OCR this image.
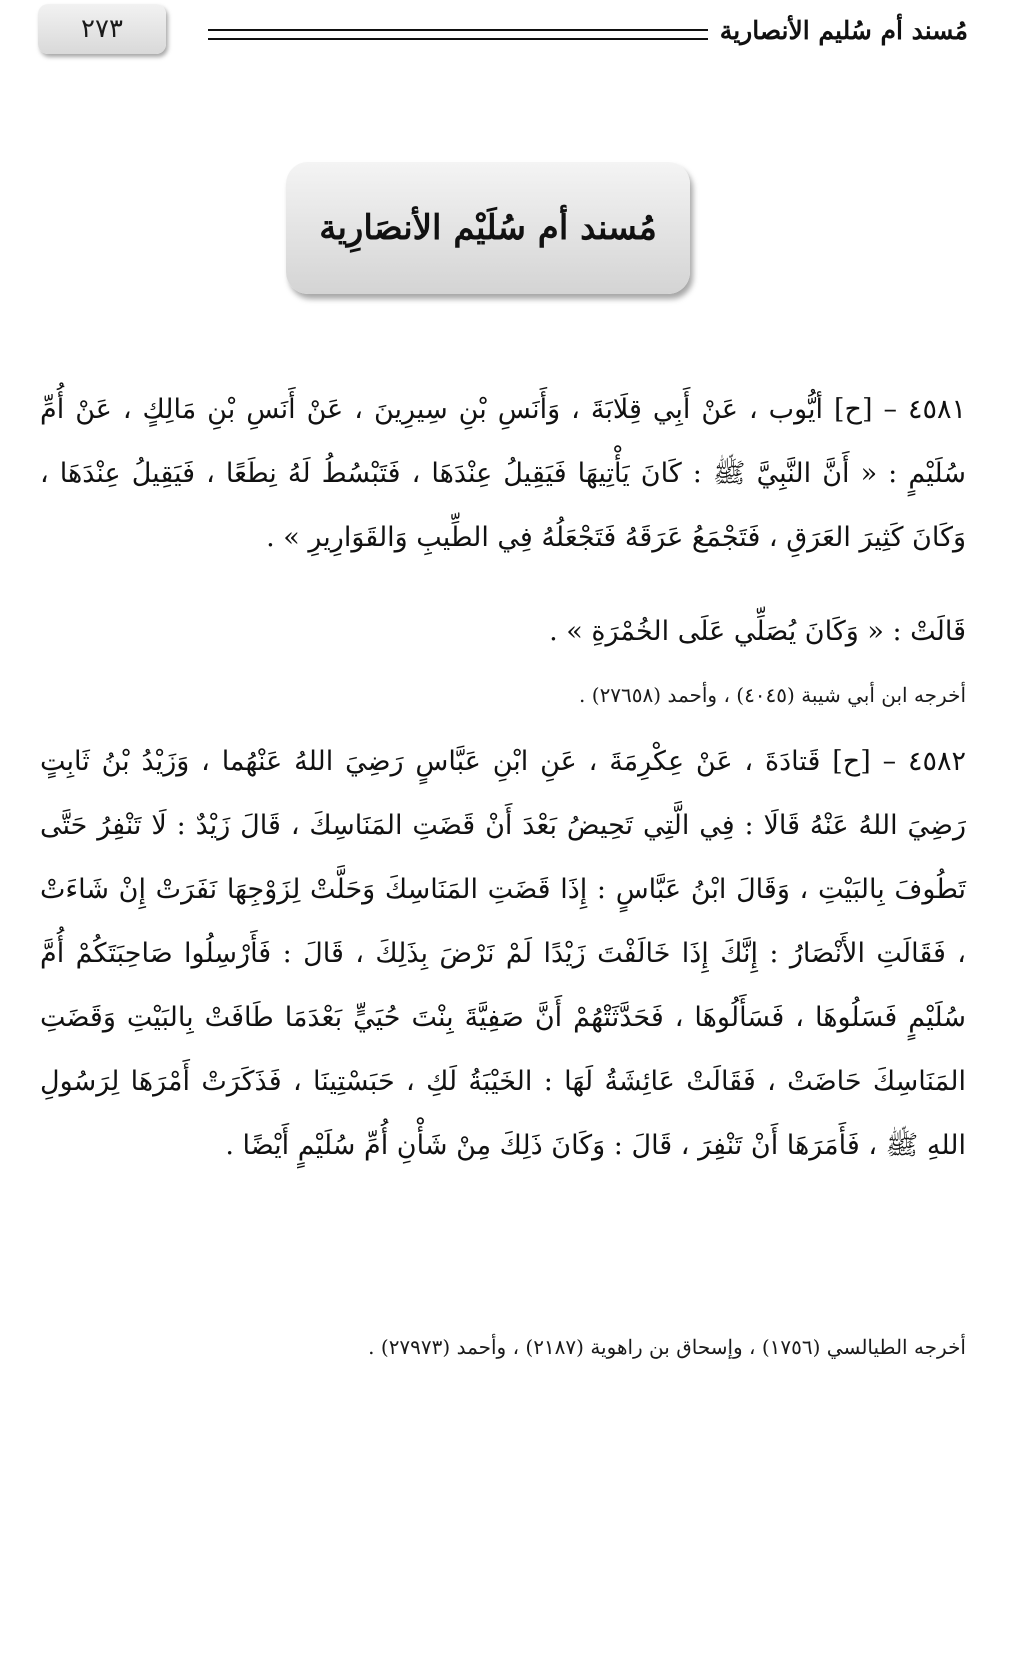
٢٧٣	مُسند أم سُليم الأنصارية
مُسند أم سُلَيْم الأنصَارِية
٤٥٨١ – [ح] أيُّوب ، عَنْ أَبِي قِلَابَةَ ، وَأَنَسِ بْنِ سِيرِينَ ، عَنْ أَنَسِ بْنِ مَالِكٍ ، عَنْ أُمِّ سُلَيْمٍ : « أَنَّ النَّبِيَّ ﷺ : كَانَ يَأْتِيهَا فَيَقِيلُ عِنْدَهَا ، فَتَبْسُطُ لَهُ نِطَعًا ، فَيَقِيلُ عِنْدَهَا ، وَكَانَ كَثِيرَ العَرَقِ ، فَتَجْمَعُ عَرَقَهُ فَتَجْعَلُهُ فِي الطِّيبِ وَالقَوَارِيرِ » .
قَالَتْ : « وَكَانَ يُصَلِّي عَلَى الخُمْرَةِ » .
أخرجه ابن أبي شيبة (٤٠٤٥) ، وأحمد (٢٧٦٥٨) .
٤٥٨٢ – [ح] قَتادَةَ ، عَنْ عِكْرِمَةَ ، عَنِ ابْنِ عَبَّاسٍ رَضِيَ اللهُ عَنْهُما ، وَزَيْدُ بْنُ ثَابِتٍ رَضِيَ اللهُ عَنْهُ قَالَا : فِي الَّتِي تَحِيضُ بَعْدَ أَنْ قَضَتِ المَنَاسِكَ ، قَالَ زَيْدٌ : لَا تَنْفِرُ حَتَّى تَطُوفَ بِالبَيْتِ ، وَقَالَ ابْنُ عَبَّاسٍ : إِذَا قَضَتِ المَنَاسِكَ وَحَلَّتْ لِزَوْجِهَا نَفَرَتْ إِنْ شَاءَتْ ، فَقَالَتِ الأَنْصَارُ : إِنَّكَ إِذَا خَالَفْتَ زَيْدًا لَمْ نَرْضَ بِذَلِكَ ، قَالَ : فَأَرْسِلُوا صَاحِبَتَكُمْ أُمَّ سُلَيْمٍ فَسَلُوهَا ، فَسَأَلُوهَا ، فَحَدَّثَتْهُمْ أَنَّ صَفِيَّةَ بِنْتَ حُيَيٍّ بَعْدَمَا طَافَتْ بِالبَيْتِ وَقَضَتِ المَنَاسِكَ حَاضَتْ ، فَقَالَتْ عَائِشَةُ لَهَا : الخَيْبَةُ لَكِ ، حَبَسْتِينَا ، فَذَكَرَتْ أَمْرَهَا لِرَسُولِ اللهِ ﷺ ، فَأَمَرَهَا أَنْ تَنْفِرَ ، قَالَ : وَكَانَ ذَلِكَ مِنْ شَأْنِ أُمِّ سُلَيْمٍ أَيْضًا .
أخرجه الطيالسي (١٧٥٦) ، وإسحاق بن راهوية (٢١٨٧) ، وأحمد (٢٧٩٧٣) .
